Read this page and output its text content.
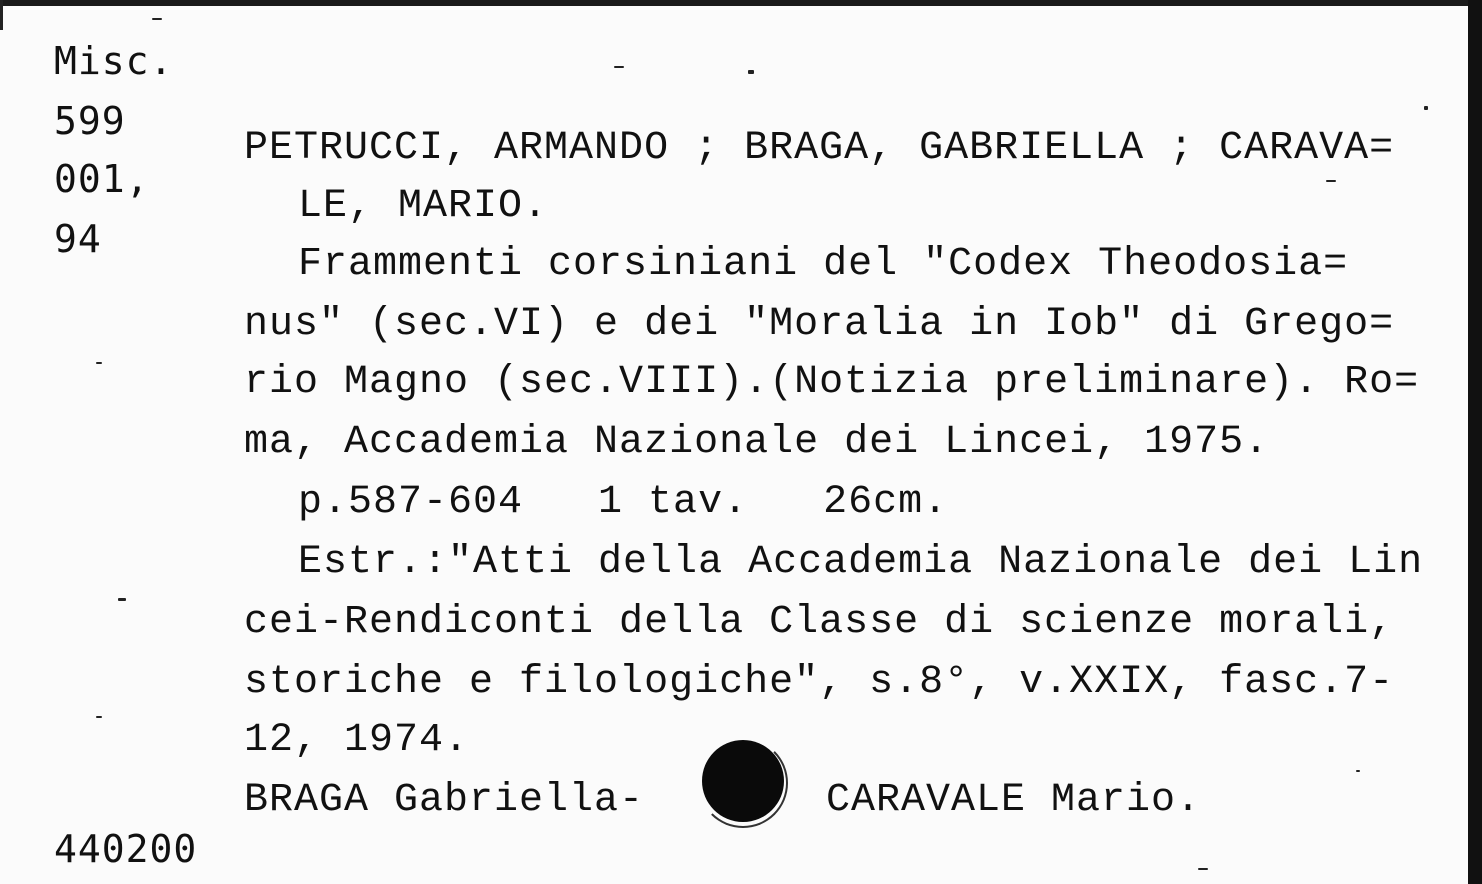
Misc.
599
001,
94
440200
PETRUCCI, ARMANDO ; BRAGA, GABRIELLA ; CARAVA=
LE, MARIO.
Frammenti corsiniani del "Codex Theodosia=
nus" (sec.VI) e dei "Moralia in Iob" di Grego=
rio Magno (sec.VIII).(Notizia preliminare). Ro=
ma, Accademia Nazionale dei Lincei, 1975.
p.587-604   1 tav.   26cm.
Estr.:"Atti della Accademia Nazionale dei Lin
cei-Rendiconti della Classe di scienze morali,
storiche e filologiche", s.8°, v.XXIX, fasc.7-
12, 1974.
BRAGA Gabriella-	CARAVALE Mario.
